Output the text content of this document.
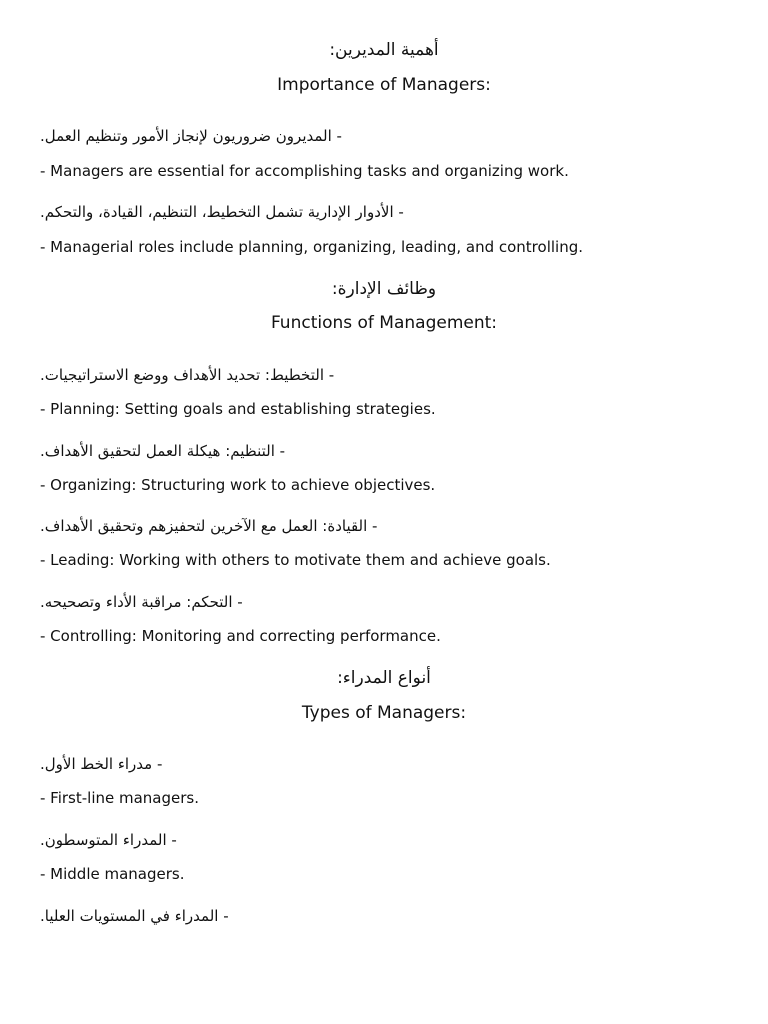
أهمية المديرين:
Importance of Managers:
- المديرون ضروريون لإنجاز الأمور وتنظيم العمل.
- Managers are essential for accomplishing tasks and organizing work.
- الأدوار الإدارية تشمل التخطيط، التنظيم، القيادة، والتحكم.
- Managerial roles include planning, organizing, leading, and controlling.
وظائف الإدارة:
Functions of Management:
- التخطيط: تحديد الأهداف ووضع الاستراتيجيات.
- Planning: Setting goals and establishing strategies.
- التنظيم: هيكلة العمل لتحقيق الأهداف.
- Organizing: Structuring work to achieve objectives.
- القيادة: العمل مع الآخرين لتحفيزهم وتحقيق الأهداف.
- Leading: Working with others to motivate them and achieve goals.
- التحكم: مراقبة الأداء وتصحيحه.
- Controlling: Monitoring and correcting performance.
أنواع المدراء:
Types of Managers:
- مدراء الخط الأول.
- First-line managers.
- المدراء المتوسطون.
- Middle managers.
- المدراء في المستويات العليا.
